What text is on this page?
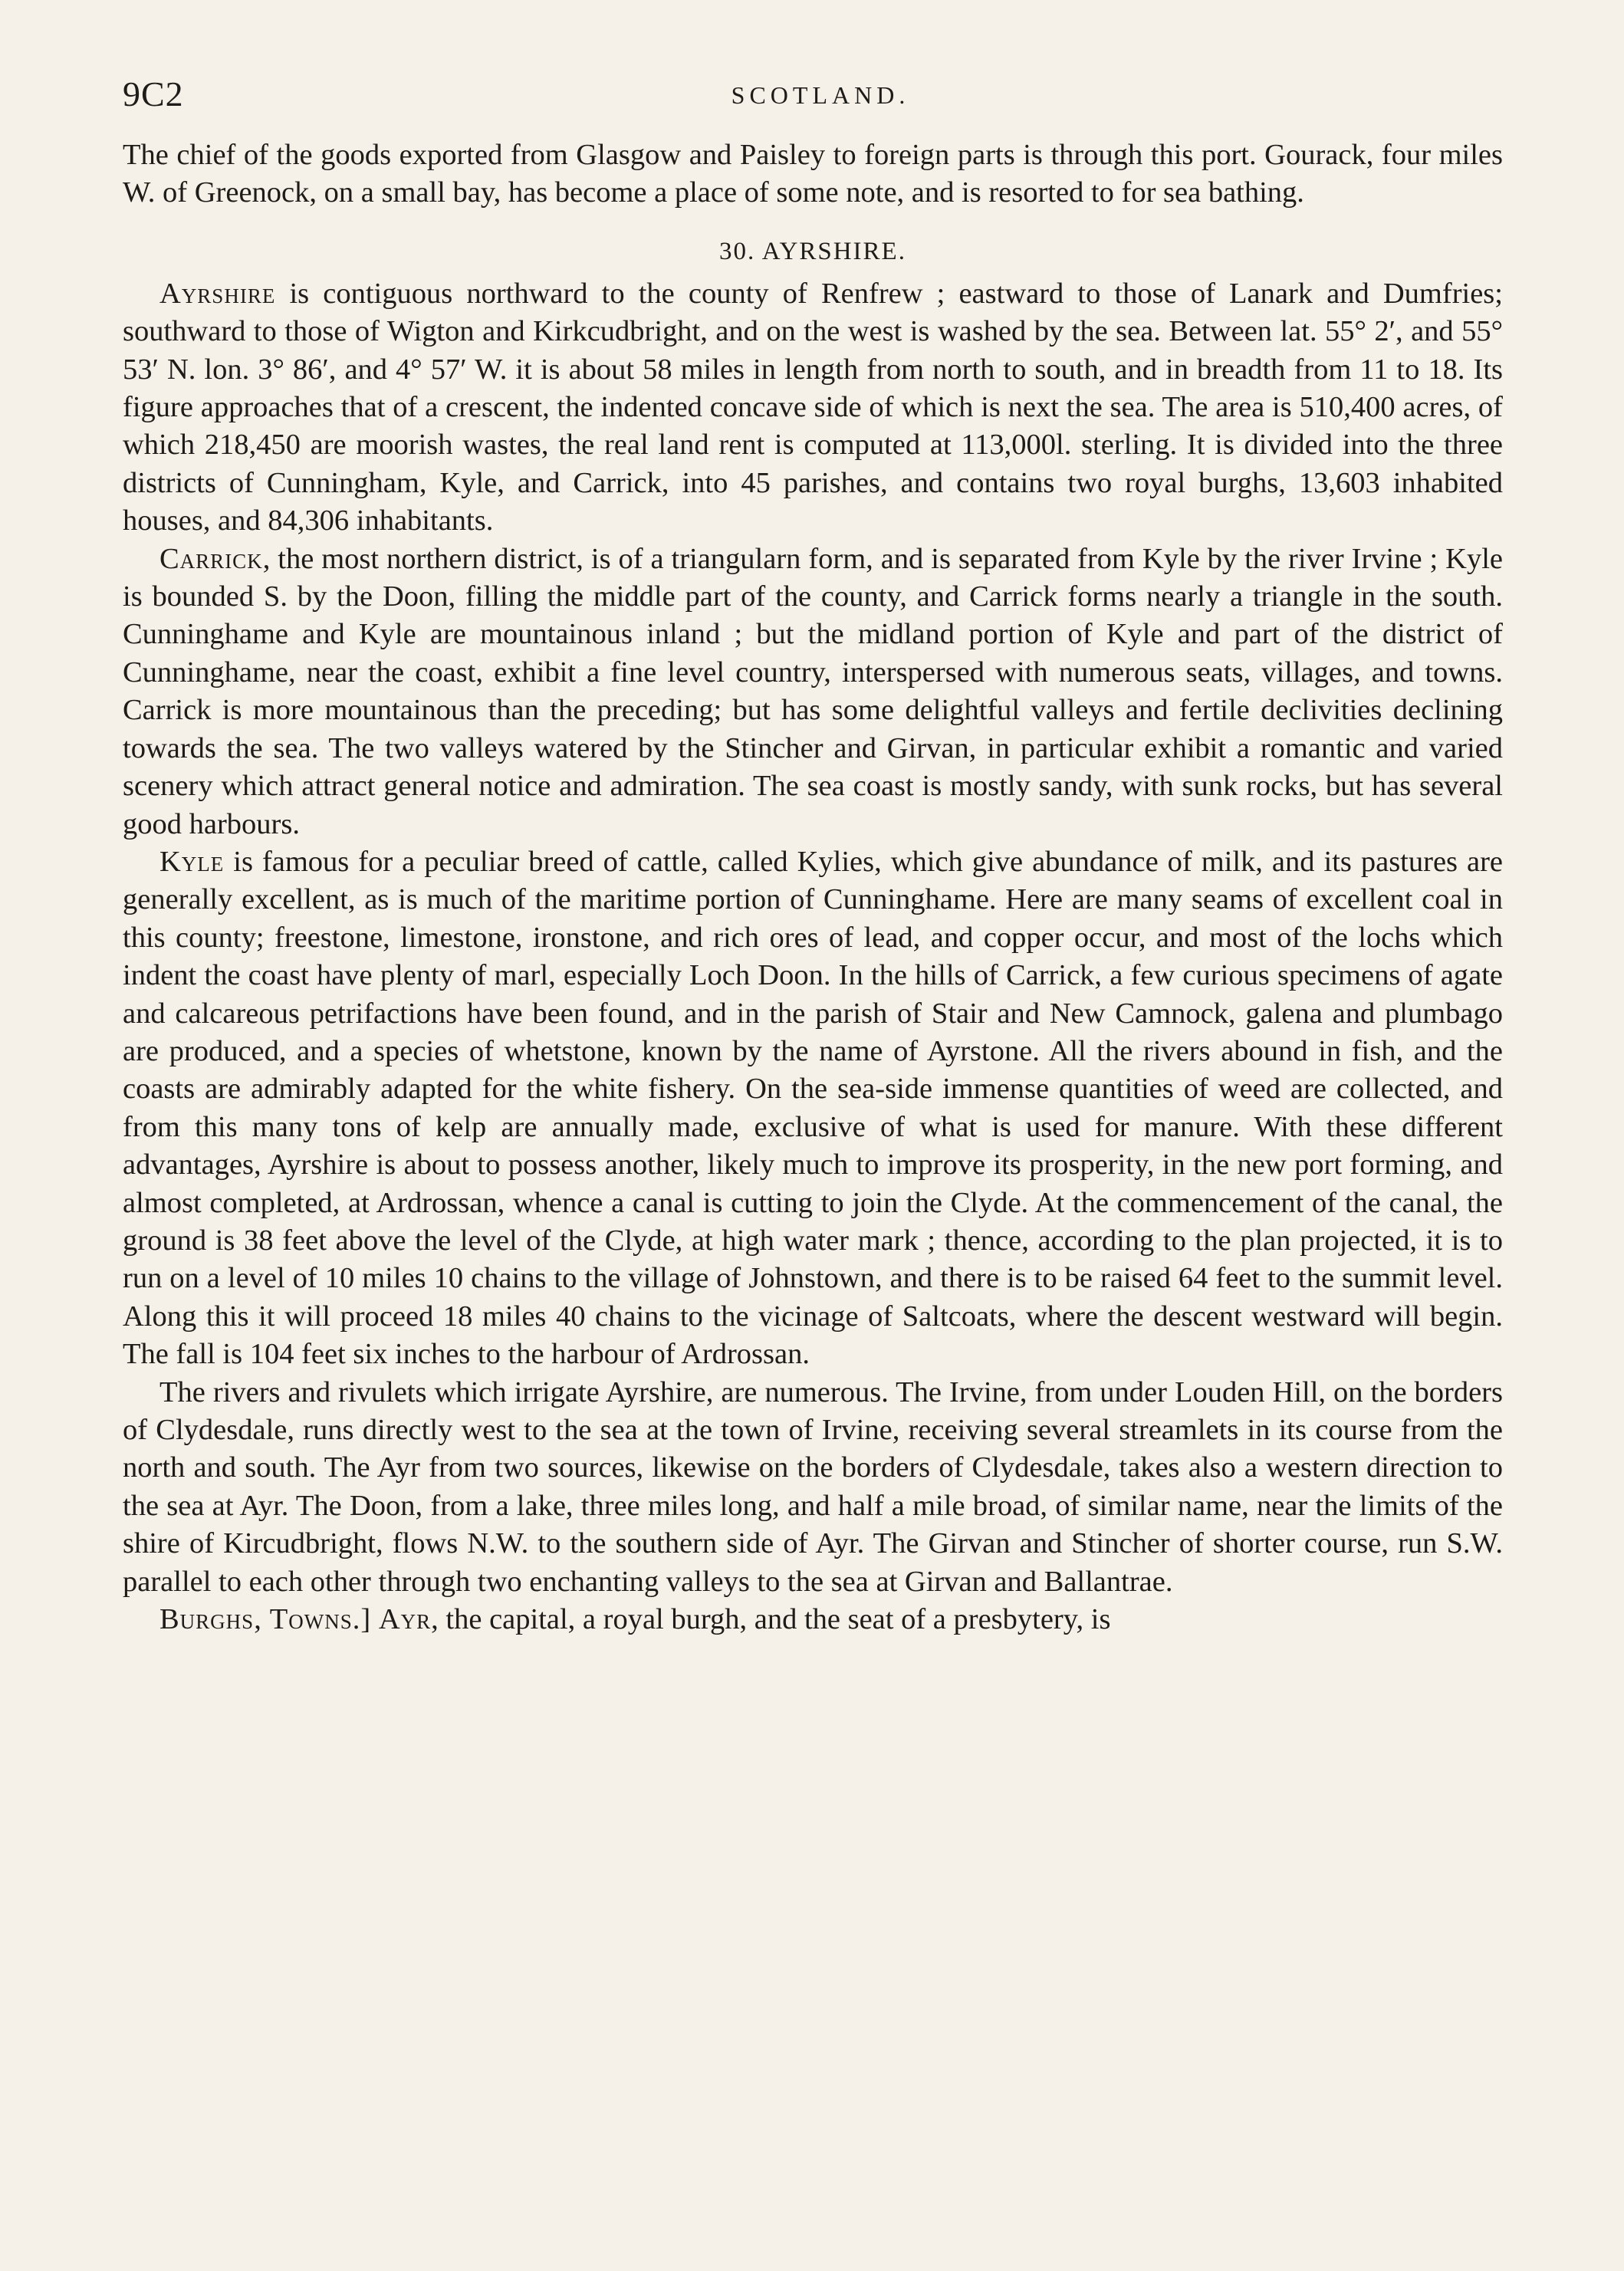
9C2	SCOTLAND.

The chief of the goods exported from Glasgow and Paisley to foreign parts is through this port. Gourack, four miles W. of Greenock, on a small bay, has become a place of some note, and is resorted to for sea bathing.

30. AYRSHIRE.

Ayrshire is contiguous northward to the county of Renfrew ; eastward to those of Lanark and Dumfries; southward to those of Wigton and Kirkcudbright, and on the west is washed by the sea. Between lat. 55° 2′, and 55° 53′ N. lon. 3° 86′, and 4° 57′ W. it is about 58 miles in length from north to south, and in breadth from 11 to 18. Its figure approaches that of a crescent, the indented concave side of which is next the sea. The area is 510,400 acres, of which 218,450 are moorish wastes, the real land rent is computed at 113,000l. sterling. It is divided into the three districts of Cunningham, Kyle, and Carrick, into 45 parishes, and contains two royal burghs, 13,603 inhabited houses, and 84,306 inhabitants.

Carrick, the most northern district, is of a triangularn form, and is separated from Kyle by the river Irvine ; Kyle is bounded S. by the Doon, filling the middle part of the county, and Carrick forms nearly a triangle in the south. Cunninghame and Kyle are mountainous inland ; but the midland portion of Kyle and part of the district of Cunninghame, near the coast, exhibit a fine level country, interspersed with numerous seats, villages, and towns. Carrick is more mountainous than the preceding; but has some delightful valleys and fertile declivities declining towards the sea. The two valleys watered by the Stincher and Girvan, in particular exhibit a romantic and varied scenery which attract general notice and admiration. The sea coast is mostly sandy, with sunk rocks, but has several good harbours.

Kyle is famous for a peculiar breed of cattle, called Kylies, which give abundance of milk, and its pastures are generally excellent, as is much of the maritime portion of Cunninghame. Here are many seams of excellent coal in this county; freestone, limestone, ironstone, and rich ores of lead, and copper occur, and most of the lochs which indent the coast have plenty of marl, especially Loch Doon. In the hills of Carrick, a few curious specimens of agate and calcareous petrifactions have been found, and in the parish of Stair and New Camnock, galena and plumbago are produced, and a species of whetstone, known by the name of Ayrstone. All the rivers abound in fish, and the coasts are admirably adapted for the white fishery. On the sea-side immense quantities of weed are collected, and from this many tons of kelp are annually made, exclusive of what is used for manure. With these different advantages, Ayrshire is about to possess another, likely much to improve its prosperity, in the new port forming, and almost completed, at Ardrossan, whence a canal is cutting to join the Clyde. At the commencement of the canal, the ground is 38 feet above the level of the Clyde, at high water mark ; thence, according to the plan projected, it is to run on a level of 10 miles 10 chains to the village of Johnstown, and there is to be raised 64 feet to the summit level. Along this it will proceed 18 miles 40 chains to the vicinage of Saltcoats, where the descent westward will begin. The fall is 104 feet six inches to the harbour of Ardrossan.

The rivers and rivulets which irrigate Ayrshire, are numerous. The Irvine, from under Louden Hill, on the borders of Clydesdale, runs directly west to the sea at the town of Irvine, receiving several streamlets in its course from the north and south. The Ayr from two sources, likewise on the borders of Clydesdale, takes also a western direction to the sea at Ayr. The Doon, from a lake, three miles long, and half a mile broad, of similar name, near the limits of the shire of Kircudbright, flows N.W. to the southern side of Ayr. The Girvan and Stincher of shorter course, run S.W. parallel to each other through two enchanting valleys to the sea at Girvan and Ballantrae.

Burghs, Towns.] Ayr, the capital, a royal burgh, and the seat of a presbytery, is
